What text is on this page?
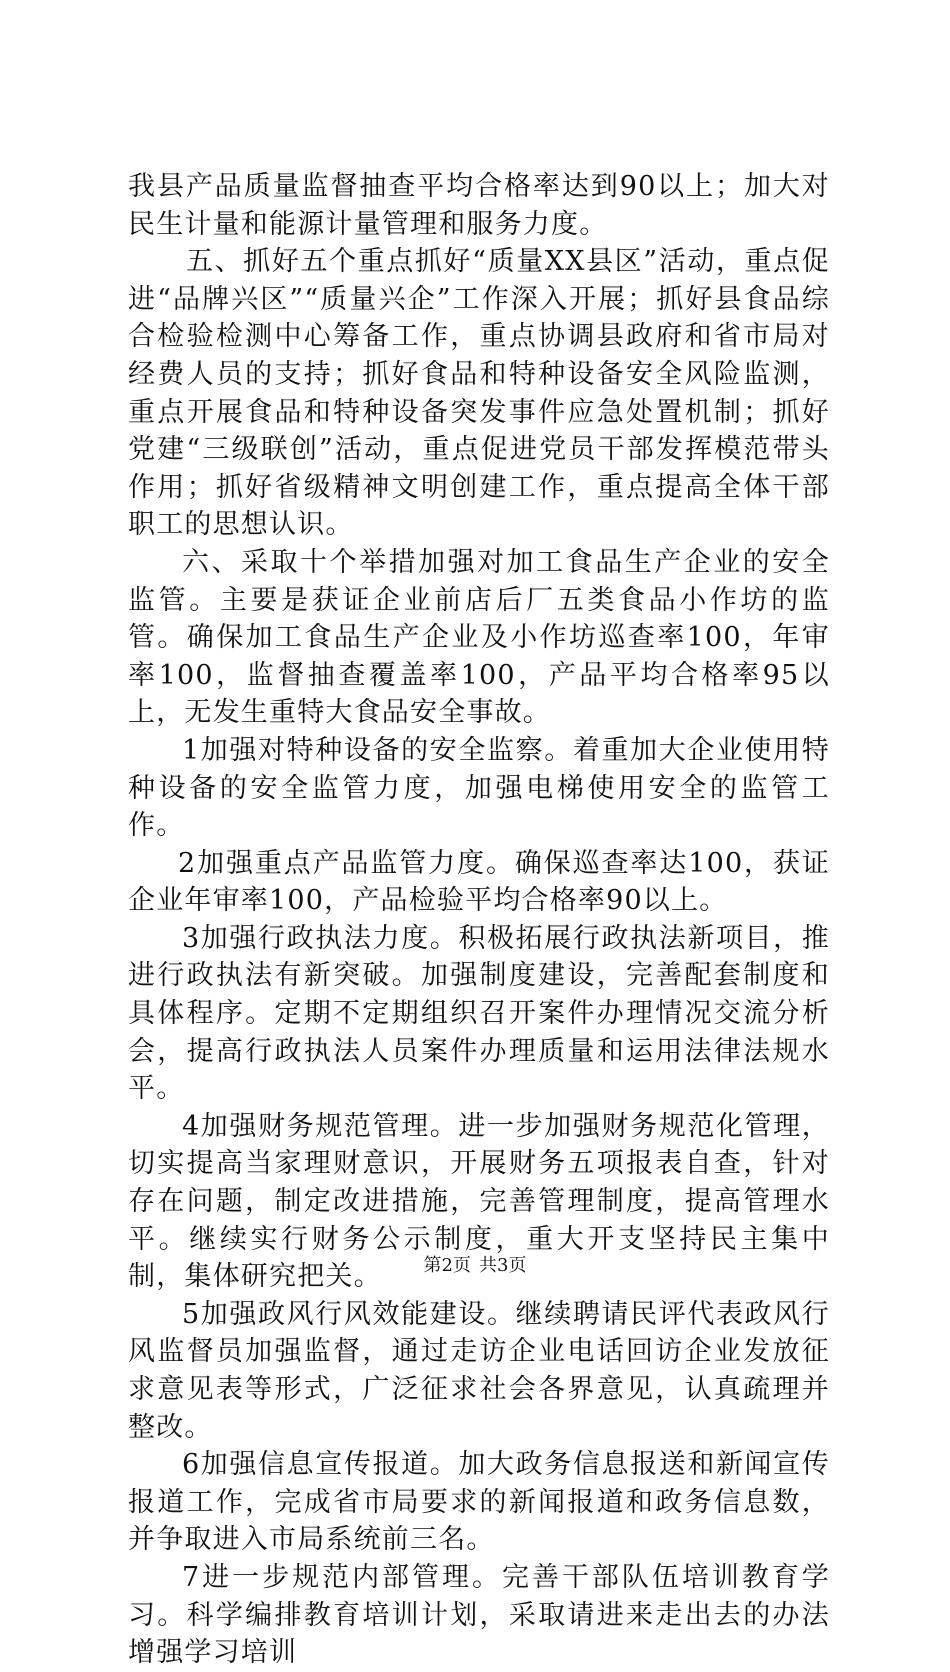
我县产品质量监督抽查平均合格率达到90以上；加大对民生计量和能源计量管理和服务力度。

五、抓好五个重点抓好“质量XX县区”活动，重点促进“品牌兴区”“质量兴企”工作深入开展；抓好县食品综合检验检测中心筹备工作，重点协调县政府和省市局对经费人员的支持；抓好食品和特种设备安全风险监测，重点开展食品和特种设备突发事件应急处置机制；抓好党建“三级联创”活动，重点促进党员干部发挥模范带头作用；抓好省级精神文明创建工作，重点提高全体干部职工的思想认识。

六、采取十个举措加强对加工食品生产企业的安全监管。主要是获证企业前店后厂五类食品小作坊的监管。确保加工食品生产企业及小作坊巡查率100，年审率100，监督抽查覆盖率100，产品平均合格率95以上，无发生重特大食品安全事故。

1加强对特种设备的安全监察。着重加大企业使用特种设备的安全监管力度，加强电梯使用安全的监管工作。

2加强重点产品监管力度。确保巡查率达100，获证企业年审率100，产品检验平均合格率90以上。

3加强行政执法力度。积极拓展行政执法新项目，推进行政执法有新突破。加强制度建设，完善配套制度和具体程序。定期不定期组织召开案件办理情况交流分析会，提高行政执法人员案件办理质量和运用法律法规水平。

4加强财务规范管理。进一步加强财务规范化管理，切实提高当家理财意识，开展财务五项报表自查，针对存在问题，制定改进措施，完善管理制度，提高管理水平。继续实行财务公示制度，重大开支坚持民主集中制，集体研究把关。

5加强政风行风效能建设。继续聘请民评代表政风行风监督员加强监督，通过走访企业电话回访企业发放征求意见表等形式，广泛征求社会各界意见，认真疏理并整改。

6加强信息宣传报道。加大政务信息报送和新闻宣传报道工作，完成省市局要求的新闻报道和政务信息数，并争取进入市局系统前三名。

7进一步规范内部管理。完善干部队伍培训教育学习。科学编排教育培训计划，采取请进来走出去的办法增强学习培训

第2页 共3页
